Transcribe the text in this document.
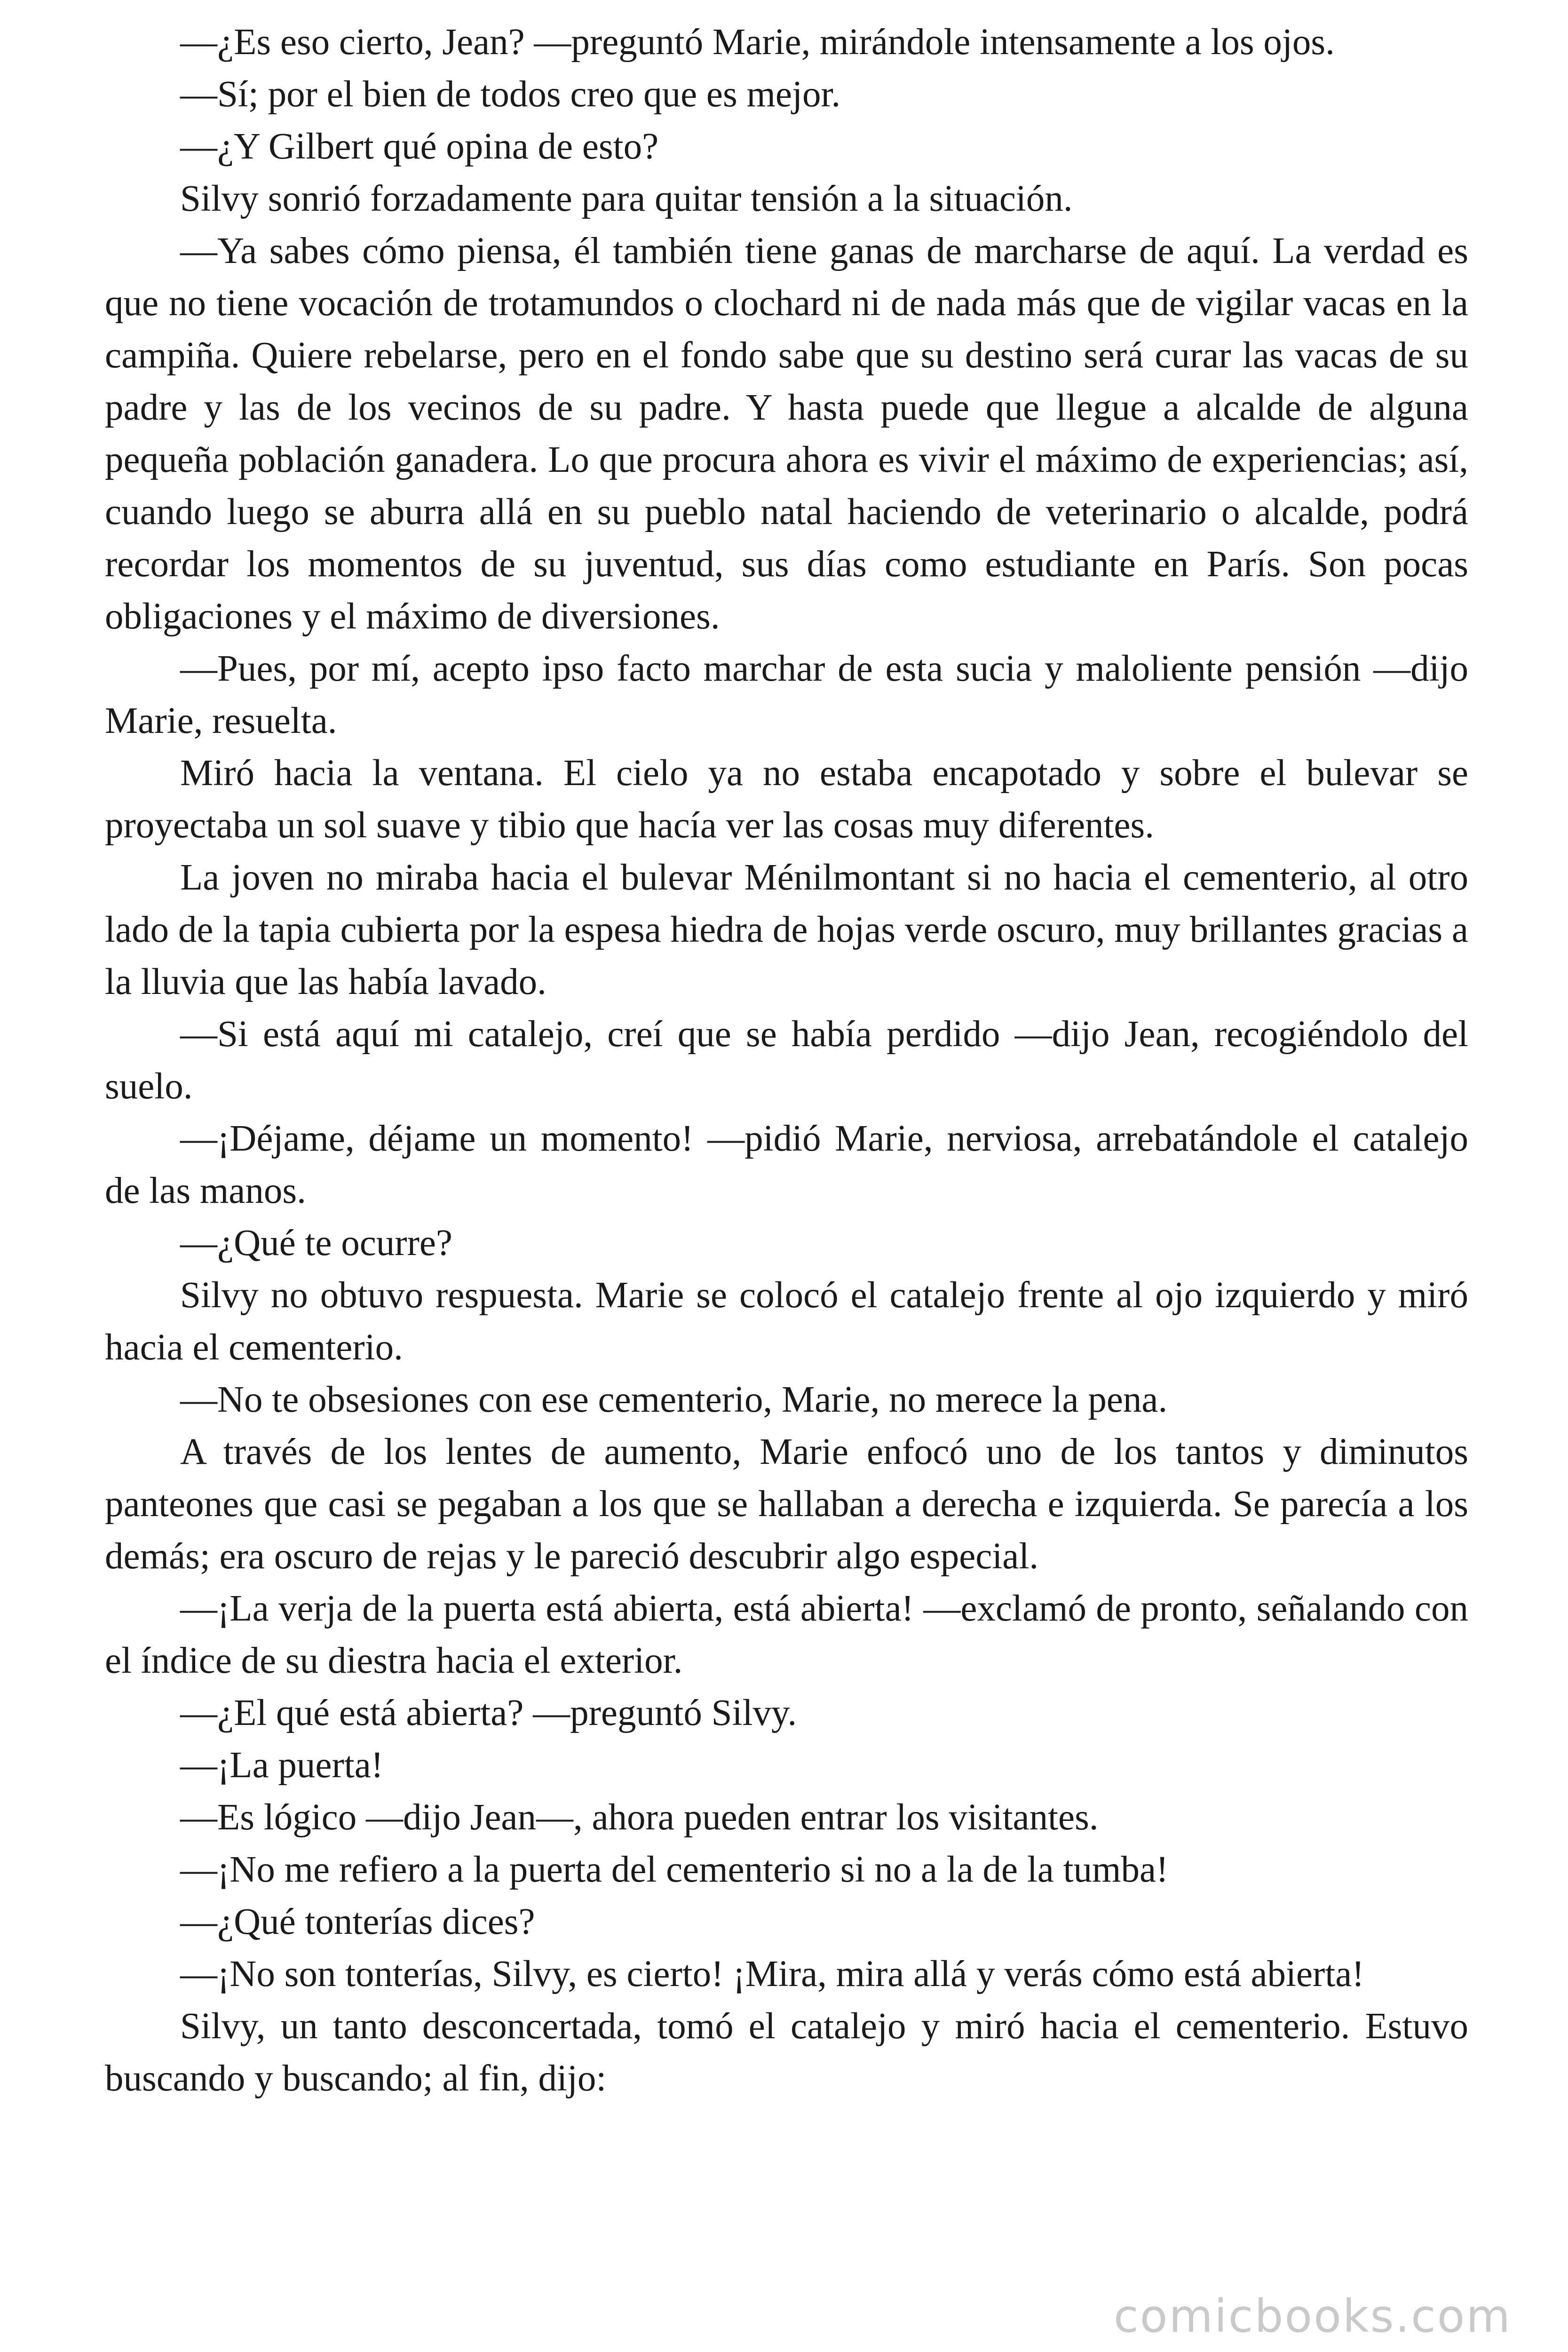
—¿Es eso cierto, Jean? —preguntó Marie, mirándole intensamente a los ojos.

—Sí; por el bien de todos creo que es mejor.

—¿Y Gilbert qué opina de esto?

Silvy sonrió forzadamente para quitar tensión a la situación.

—Ya sabes cómo piensa, él también tiene ganas de marcharse de aquí. La verdad es que no tiene vocación de trotamundos o clochard ni de nada más que de vigilar vacas en la campiña. Quiere rebelarse, pero en el fondo sabe que su destino será curar las vacas de su padre y las de los vecinos de su padre. Y hasta puede que llegue a alcalde de alguna pequeña población ganadera. Lo que procura ahora es vivir el máximo de experiencias; así, cuando luego se aburra allá en su pueblo natal haciendo de veterinario o alcalde, podrá recordar los momentos de su juventud, sus días como estudiante en París. Son pocas obligaciones y el máximo de diversiones.

—Pues, por mí, acepto ipso facto marchar de esta sucia y maloliente pensión —dijo Marie, resuelta.

Miró hacia la ventana. El cielo ya no estaba encapotado y sobre el bulevar se proyectaba un sol suave y tibio que hacía ver las cosas muy diferentes.

La joven no miraba hacia el bulevar Ménilmontant si no hacia el cementerio, al otro lado de la tapia cubierta por la espesa hiedra de hojas verde oscuro, muy brillantes gracias a la lluvia que las había lavado.

—Si está aquí mi catalejo, creí que se había perdido —dijo Jean, recogiéndolo del suelo.

—¡Déjame, déjame un momento! —pidió Marie, nerviosa, arrebatándole el catalejo de las manos.

—¿Qué te ocurre?

Silvy no obtuvo respuesta. Marie se colocó el catalejo frente al ojo izquierdo y miró hacia el cementerio.

—No te obsesiones con ese cementerio, Marie, no merece la pena.

A través de los lentes de aumento, Marie enfocó uno de los tantos y diminutos panteones que casi se pegaban a los que se hallaban a derecha e izquierda. Se parecía a los demás; era oscuro de rejas y le pareció descubrir algo especial.

—¡La verja de la puerta está abierta, está abierta! —exclamó de pronto, señalando con el índice de su diestra hacia el exterior.

—¿El qué está abierta? —preguntó Silvy.

—¡La puerta!

—Es lógico —dijo Jean—, ahora pueden entrar los visitantes.

—¡No me refiero a la puerta del cementerio si no a la de la tumba!

—¿Qué tonterías dices?

—¡No son tonterías, Silvy, es cierto! ¡Mira, mira allá y verás cómo está abierta!

Silvy, un tanto desconcertada, tomó el catalejo y miró hacia el cementerio. Estuvo buscando y buscando; al fin, dijo:

comicbooks.com
